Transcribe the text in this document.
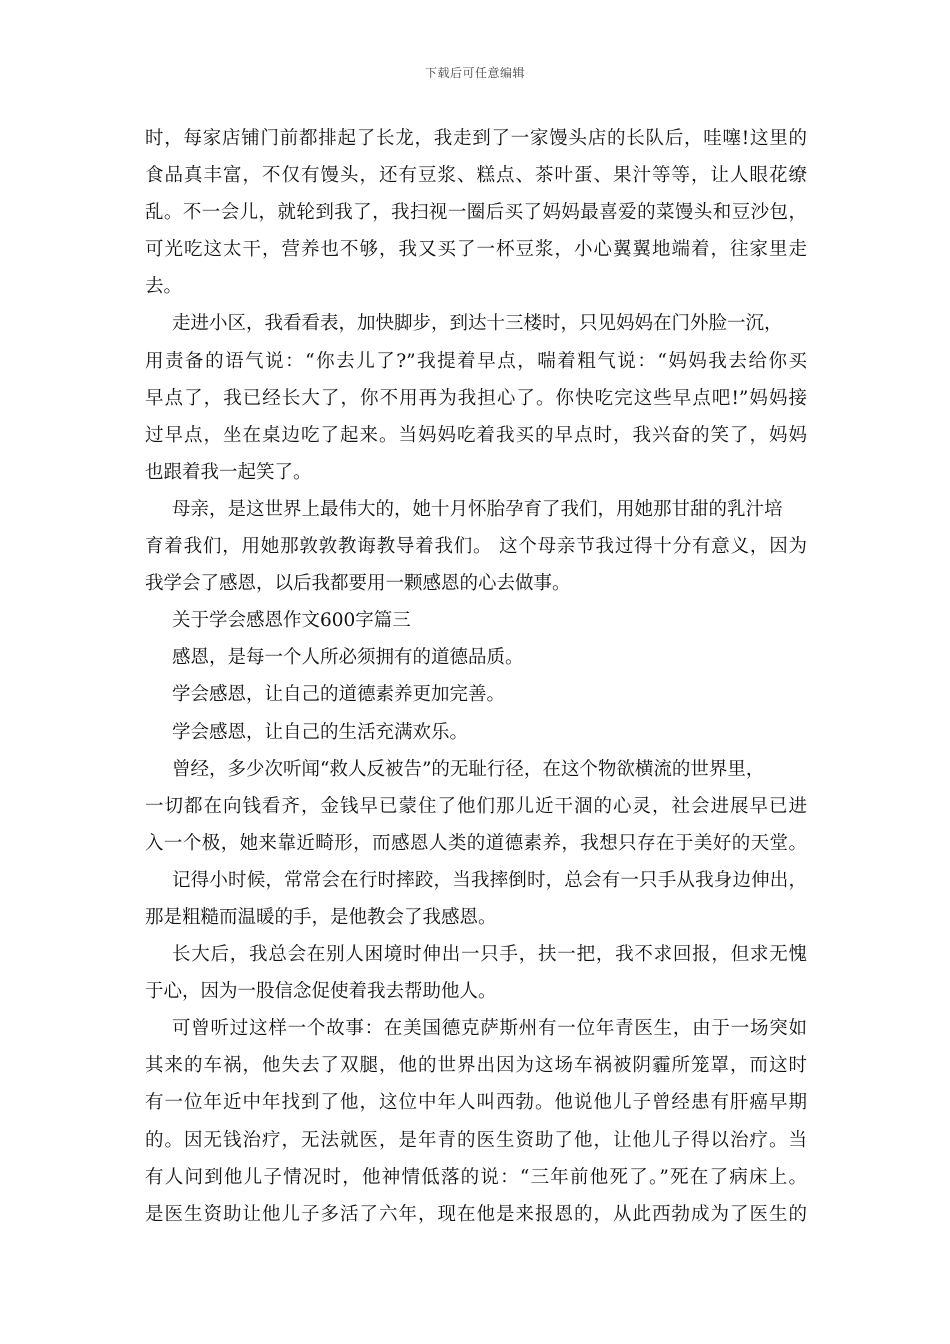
下载后可任意编辑
时，每家店铺门前都排起了长龙，我走到了一家馒头店的长队后，哇噻!这里的
食品真丰富，不仅有馒头，还有豆浆、糕点、茶叶蛋、果汁等等，让人眼花缭
乱。不一会儿，就轮到我了，我扫视一圈后买了妈妈最喜爱的菜馒头和豆沙包，
可光吃这太干，营养也不够，我又买了一杯豆浆，小心翼翼地端着，往家里走
去。
走进小区，我看看表，加快脚步，到达十三楼时，只见妈妈在门外脸一沉，
用责备的语气说：“你去儿了?”我提着早点，喘着粗气说：“妈妈我去给你买
早点了，我已经长大了，你不用再为我担心了。你快吃完这些早点吧!”妈妈接
过早点，坐在桌边吃了起来。当妈妈吃着我买的早点时，我兴奋的笑了，妈妈
也跟着我一起笑了。
母亲，是这世界上最伟大的，她十月怀胎孕育了我们，用她那甘甜的乳汁培
育着我们，用她那敦敦教诲教导着我们。 这个母亲节我过得十分有意义，因为
我学会了感恩，以后我都要用一颗感恩的心去做事。
关于学会感恩作文600字篇三
感恩，是每一个人所必须拥有的道德品质。
学会感恩，让自己的道德素养更加完善。
学会感恩，让自己的生活充满欢乐。
曾经，多少次听闻“救人反被告”的无耻行径，在这个物欲横流的世界里，
一切都在向钱看齐，金钱早已蒙住了他们那儿近干涸的心灵，社会进展早已进
入一个极，她来靠近畸形，而感恩人类的道德素养，我想只存在于美好的天堂。
记得小时候，常常会在行时摔跤，当我摔倒时，总会有一只手从我身边伸出，
那是粗糙而温暖的手，是他教会了我感恩。
长大后，我总会在别人困境时伸出一只手，扶一把，我不求回报，但求无愧
于心，因为一股信念促使着我去帮助他人。
可曾听过这样一个故事：在美国德克萨斯州有一位年青医生，由于一场突如
其来的车祸，他失去了双腿，他的世界出因为这场车祸被阴霾所笼罩，而这时
有一位年近中年找到了他，这位中年人叫西勃。他说他儿子曾经患有肝癌早期
的。因无钱治疗，无法就医，是年青的医生资助了他，让他儿子得以治疗。当
有人问到他儿子情况时，他神情低落的说：“三年前他死了。”死在了病床上。
是医生资助让他儿子多活了六年，现在他是来报恩的，从此西勃成为了医生的
